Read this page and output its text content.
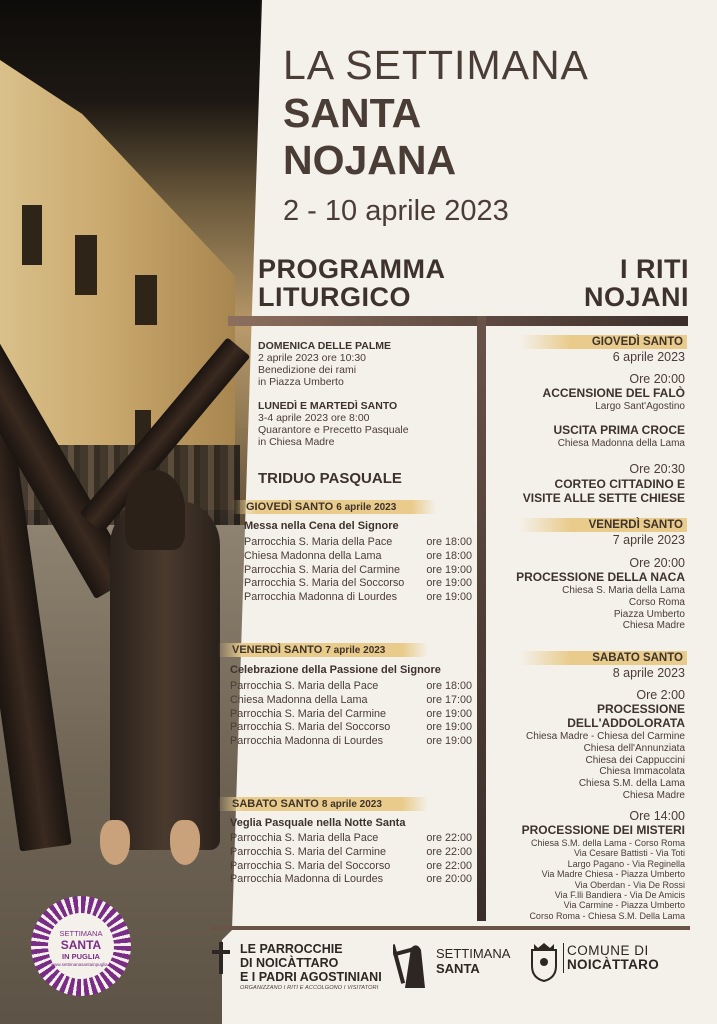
LA SETTIMANA
SANTA
NOJANA
2 - 10 aprile 2023
PROGRAMMA
LITURGICO
I RITI
NOJANI
DOMENICA DELLE PALME
2 aprile 2023 ore 10:30
Benedizione dei rami
in Piazza Umberto
LUNEDÌ E MARTEDÌ SANTO
3-4 aprile 2023 ore 8:00
Quarantore e Precetto Pasquale
in Chiesa Madre
TRIDUO PASQUALE
GIOVEDÌ SANTO 6 aprile 2023
Messa nella Cena del Signore
Parrocchia S. Maria della Pace	ore 18:00
Chiesa Madonna della Lama	ore 18:00
Parrocchia S. Maria del Carmine ore 19:00
Parrocchia S. Maria del Soccorso ore 19:00
Parrocchia Madonna di Lourdes	ore 19:00
VENERDÌ SANTO 7 aprile 2023
Celebrazione della Passione del Signore
Parrocchia S. Maria della Pace	ore 18:00
Chiesa Madonna della Lama	ore 17:00
Parrocchia S. Maria del Carmine	ore 19:00
Parrocchia S. Maria del Soccorso	ore 19:00
Parrocchia Madonna di Lourdes	ore 19:00
SABATO SANTO 8 aprile 2023
Veglia Pasquale nella Notte Santa
Parrocchia S. Maria della Pace	ore 22:00
Parrocchia S. Maria del Carmine	ore 22:00
Parrocchia S. Maria del Soccorso	ore 22:00
Parrocchia Madonna di Lourdes	ore 20:00
GIOVEDÌ SANTO
6 aprile 2023
Ore 20:00
ACCENSIONE DEL FALÒ
Largo Sant'Agostino
USCITA PRIMA CROCE
Chiesa Madonna della Lama
Ore 20:30
CORTEO CITTADINO E
VISITE ALLE SETTE CHIESE
VENERDÌ SANTO
7 aprile 2023
Ore 20:00
PROCESSIONE DELLA NACA
Chiesa S. Maria della Lama
Corso Roma
Piazza Umberto
Chiesa Madre
SABATO SANTO
8 aprile 2023
Ore 2:00
PROCESSIONE
DELL'ADDOLORATA
Chiesa Madre - Chiesa del Carmine
Chiesa dell'Annunziata
Chiesa dei Cappuccini
Chiesa Immacolata
Chiesa S.M. della Lama
Chiesa Madre
Ore 14:00
PROCESSIONE DEI MISTERI
Chiesa S.M. della Lama - Corso Roma
Via Cesare Battisti - Via Toti
Largo Pagano - Via Reginella
Via Madre Chiesa - Piazza Umberto
Via Oberdan - Via De Rossi
Via F.lli Bandiera - Via De Amicis
Via Carmine - Piazza Umberto
Corso Roma - Chiesa S.M. Della Lama
SETTIMANA
SANTA
IN PUGLIA
www.settimanasantainpuglia.it
LE PARROCCHIE
DI NOICÀTTARO
E I PADRI AGOSTINIANI
ORGANIZZANO I RITI E ACCOLGONO I VISITATORI
SETTIMANA
SANTA
COMUNE DI
NOICÀTTARO
